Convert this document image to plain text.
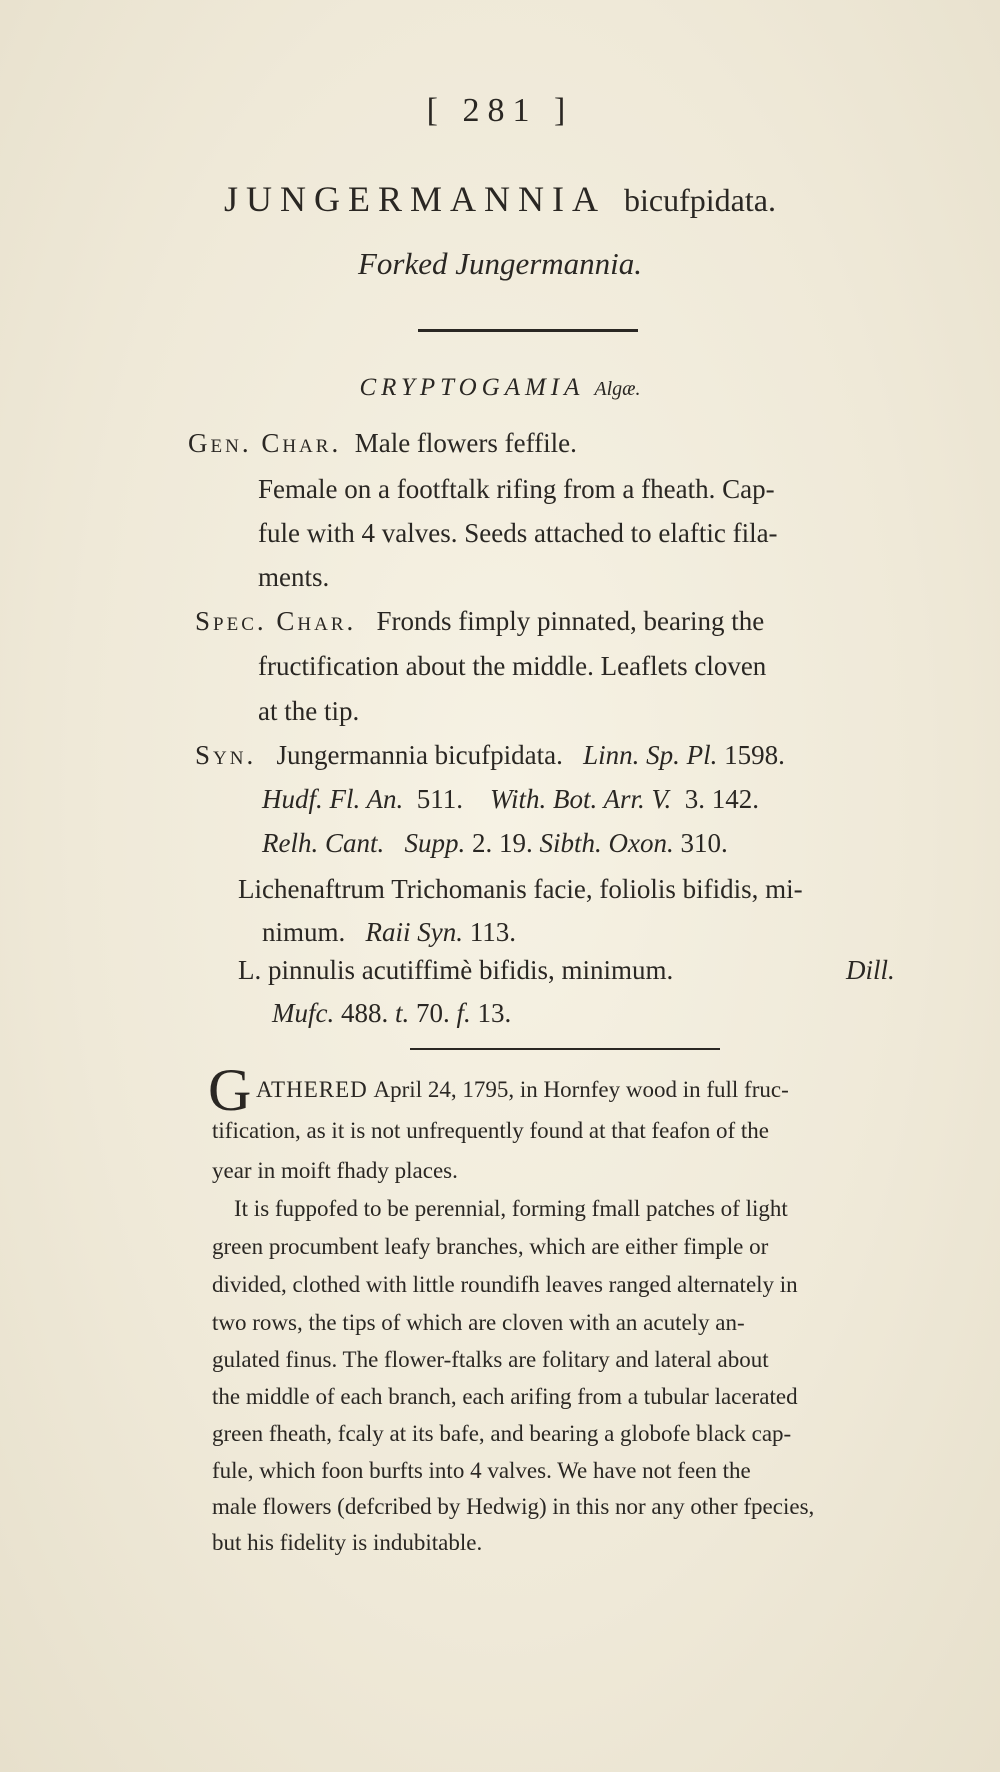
[ 281 ]
JUNGERMANNIA bicufpidata.
Forked Jungermannia.
CRYPTOGAMIA Algæ.
Gen. Char. Male flowers feffile.
Female on a footftalk rifing from a fheath. Cap-
fule with 4 valves. Seeds attached to elaftic fila-
ments.
Spec. Char. Fronds fimply pinnated, bearing the
fructification about the middle. Leaflets cloven
at the tip.
Syn. Jungermannia bicufpidata. Linn. Sp. Pl. 1598.
Hudf. Fl. An. 511. With. Bot. Arr. V. 3. 142.
Relh. Cant. Supp. 2. 19. Sibth. Oxon. 310.
Lichenaftrum Trichomanis facie, foliolis bifidis, mi-
nimum. Raii Syn. 113.
L. pinnulis acutiffimè bifidis, minimum.	Dill.
Mufc. 488. t. 70. f. 13.
G ATHERED April 24, 1795, in Hornfey wood in full fruc-
tification, as it is not unfrequently found at that feafon of the
year in moift fhady places.
It is fuppofed to be perennial, forming fmall patches of light
green procumbent leafy branches, which are either fimple or
divided, clothed with little roundifh leaves ranged alternately in
two rows, the tips of which are cloven with an acutely an-
gulated finus. The flower-ftalks are folitary and lateral about
the middle of each branch, each arifing from a tubular lacerated
green fheath, fcaly at its bafe, and bearing a globofe black cap-
fule, which foon burfts into 4 valves. We have not feen the
male flowers (defcribed by Hedwig) in this nor any other fpecies,
but his fidelity is indubitable.
